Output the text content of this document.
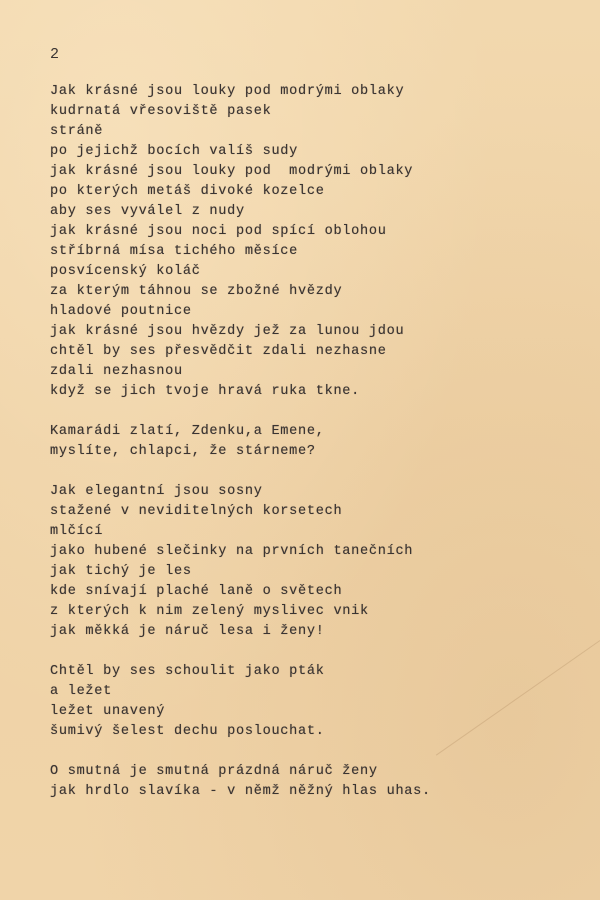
2
Jak krásné jsou louky pod modrými oblaky
kudrnatá vřesoviště pasek
stráně
po jejichž bocích valíš sudy
jak krásné jsou louky pod  modrými oblaky
po kterých metáš divoké kozelce
aby ses vyválel z nudy
jak krásné jsou noci pod spící oblohou
stříbrná mísa tichého měsíce
posvícenský koláč
za kterým táhnou se zbožné hvězdy
hladové poutnice
jak krásné jsou hvězdy jež za lunou jdou
chtěl by ses přesvědčit zdali nezhasne
zdali nezhasnou
když se jich tvoje hravá ruka tkne.
Kamarádi zlatí, Zdenku,a Emene,
myslíte, chlapci, že stárneme?
Jak elegantní jsou sosny
stažené v neviditelných korsetech
mlčící
jako hubené slečinky na prvních tanečních
jak tichý je les
kde snívají plaché laně o světech
z kterých k nim zelený myslivec vnik
jak měkká je náruč lesa i ženy!
Chtěl by ses schoulit jako pták
a ležet
ležet unavený
šumivý šelest dechu poslouchat.
O smutná je smutná prázdná náruč ženy
jak hrdlo slavíka - v němž něžný hlas uhas.
